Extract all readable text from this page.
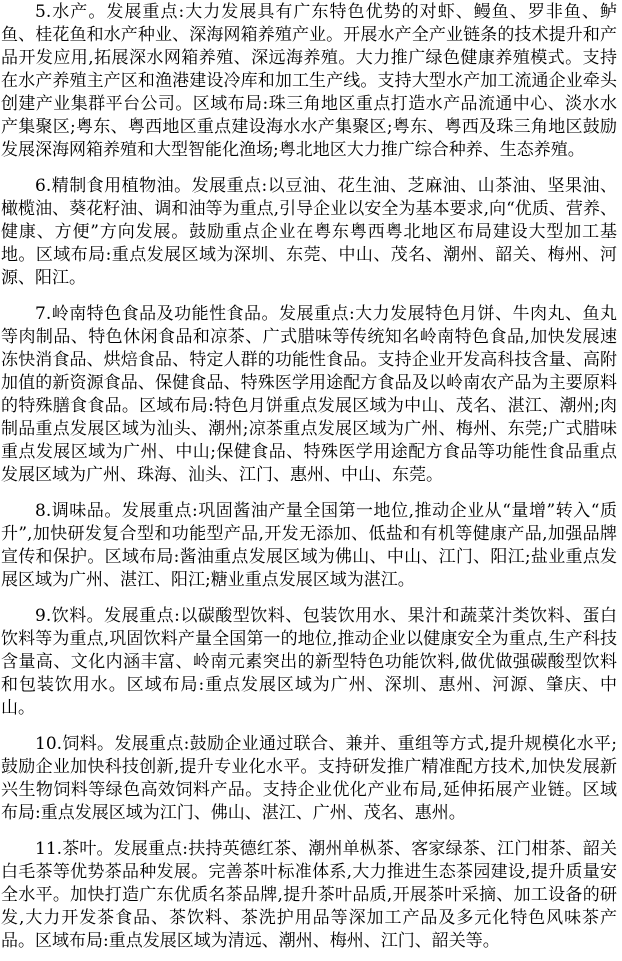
5.水产。发展重点:大力发展具有广东特色优势的对虾、鳗鱼、罗非鱼、鲈鱼、桂花鱼和水产种业、深海网箱养殖产业。开展水产全产业链条的技术提升和产品开发应用,拓展深水网箱养殖、深远海养殖。大力推广绿色健康养殖模式。支持在水产养殖主产区和渔港建设冷库和加工生产线。支持大型水产加工流通企业牵头创建产业集群平台公司。区域布局:珠三角地区重点打造水产品流通中心、淡水水产集聚区;粤东、粤西地区重点建设海水水产集聚区;粤东、粤西及珠三角地区鼓励发展深海网箱养殖和大型智能化渔场;粤北地区大力推广综合种养、生态养殖。

6.精制食用植物油。发展重点:以豆油、花生油、芝麻油、山茶油、坚果油、橄榄油、葵花籽油、调和油等为重点,引导企业以安全为基本要求,向“优质、营养、健康、方便”方向发展。鼓励重点企业在粤东粤西粤北地区布局建设大型加工基地。区域布局:重点发展区域为深圳、东莞、中山、茂名、潮州、韶关、梅州、河源、阳江。

7.岭南特色食品及功能性食品。发展重点:大力发展特色月饼、牛肉丸、鱼丸等肉制品、特色休闲食品和凉茶、广式腊味等传统知名岭南特色食品,加快发展速冻快消食品、烘焙食品、特定人群的功能性食品。支持企业开发高科技含量、高附加值的新资源食品、保健食品、特殊医学用途配方食品及以岭南农产品为主要原料的特殊膳食食品。区域布局:特色月饼重点发展区域为中山、茂名、湛江、潮州;肉制品重点发展区域为汕头、潮州;凉茶重点发展区域为广州、梅州、东莞;广式腊味重点发展区域为广州、中山;保健食品、特殊医学用途配方食品等功能性食品重点发展区域为广州、珠海、汕头、江门、惠州、中山、东莞。

8.调味品。发展重点:巩固酱油产量全国第一地位,推动企业从“量增”转入“质升”,加快研发复合型和功能型产品,开发无添加、低盐和有机等健康产品,加强品牌宣传和保护。区域布局:酱油重点发展区域为佛山、中山、江门、阳江;盐业重点发展区域为广州、湛江、阳江;糖业重点发展区域为湛江。

9.饮料。发展重点:以碳酸型饮料、包装饮用水、果汁和蔬菜汁类饮料、蛋白饮料等为重点,巩固饮料产量全国第一的地位,推动企业以健康安全为重点,生产科技含量高、文化内涵丰富、岭南元素突出的新型特色功能饮料,做优做强碳酸型饮料和包装饮用水。区域布局:重点发展区域为广州、深圳、惠州、河源、肇庆、中山。

10.饲料。发展重点:鼓励企业通过联合、兼并、重组等方式,提升规模化水平;鼓励企业加快科技创新,提升专业化水平。支持研发推广精准配方技术,加快发展新兴生物饲料等绿色高效饲料产品。支持企业优化产业布局,延伸拓展产业链。区域布局:重点发展区域为江门、佛山、湛江、广州、茂名、惠州。

11.茶叶。发展重点:扶持英德红茶、潮州单枞茶、客家绿茶、江门柑茶、韶关白毛茶等优势茶品种发展。完善茶叶标准体系,大力推进生态茶园建设,提升质量安全水平。加快打造广东优质名茶品牌,提升茶叶品质,开展茶叶采摘、加工设备的研发,大力开发茶食品、茶饮料、茶洗护用品等深加工产品及多元化特色风味茶产品。区域布局:重点发展区域为清远、潮州、梅州、江门、韶关等。
